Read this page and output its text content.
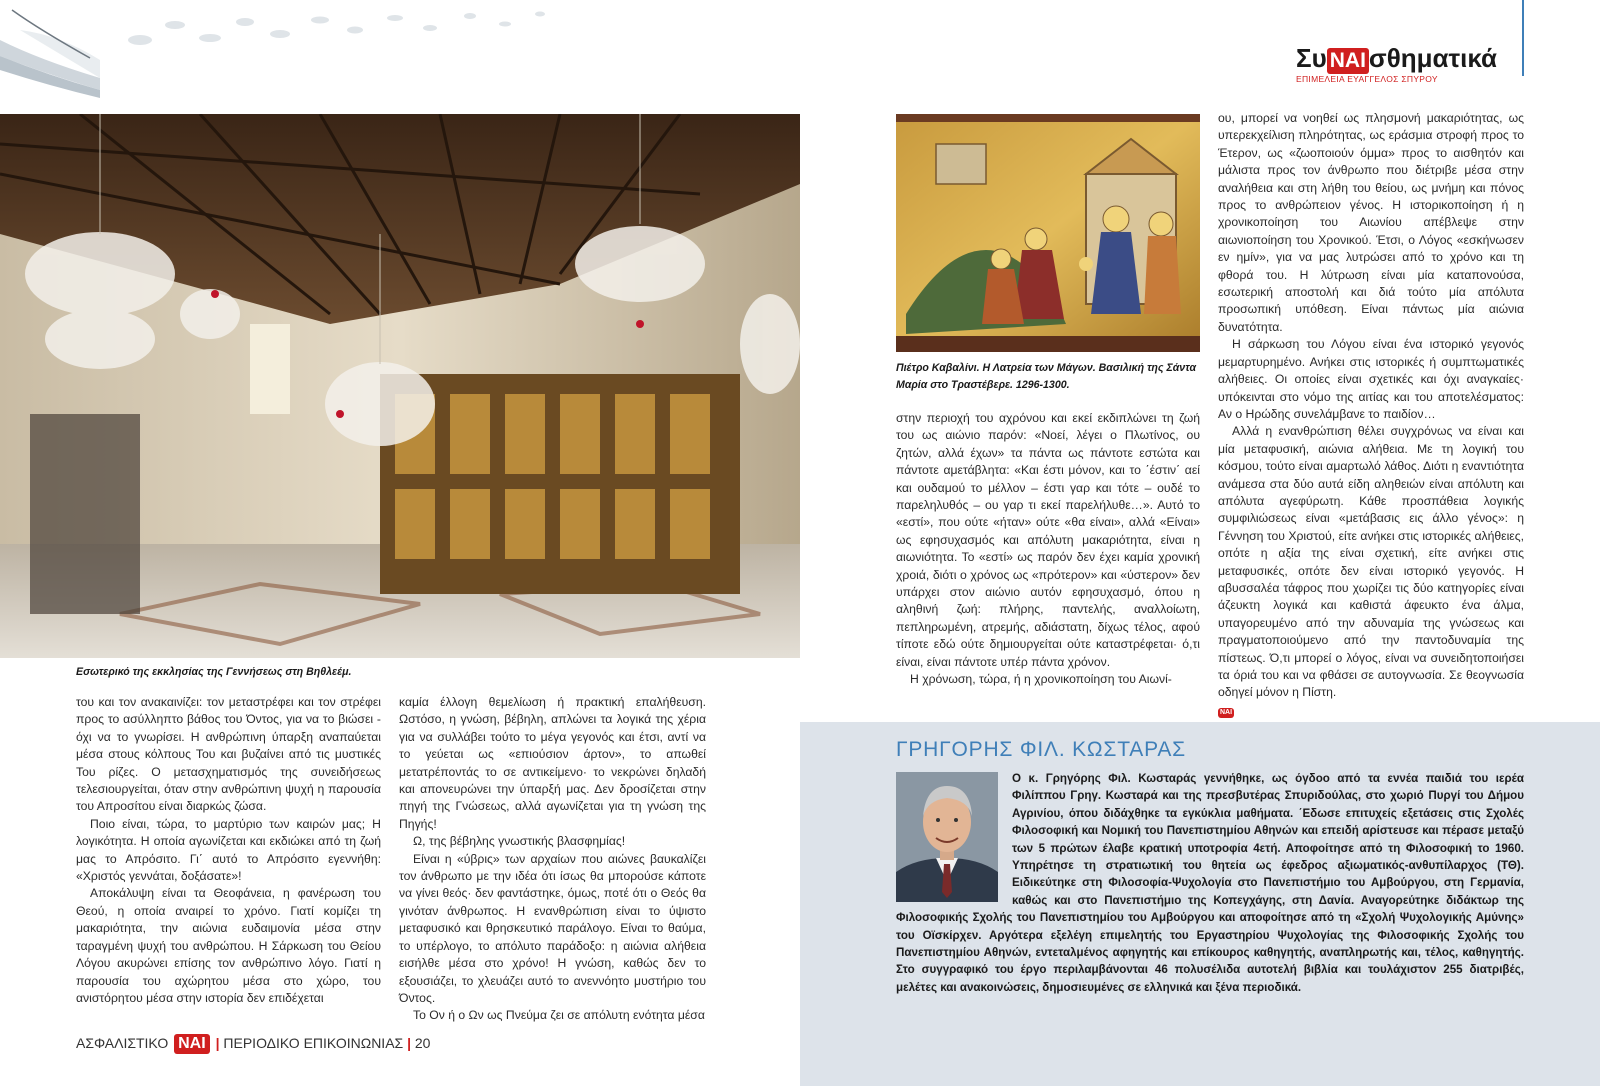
Συ ΝΑΙ σθηματικά
ΕΠΙΜΕΛΕΙΑ ΕΥΑΓΓΕΛΟΣ ΣΠΥΡΟΥ
Εσωτερικό της εκκλησίας της Γεννήσεως στη Βηθλεέμ.

του και τον ανακαινίζει: τον μεταστρέφει και τον στρέφει προς το ασύλληπτο βάθος του Όντος, για να το βιώσει - όχι να το γνωρίσει. Η ανθρώπινη ύπαρξη αναπαύεται μέσα στους κόλπους Του και βυζαίνει από τις μυστικές Του ρίζες. Ο μετασχηματισμός της συνειδήσεως τελεσιουργείται, όταν στην ανθρώπινη ψυχή η παρουσία του Απροσίτου είναι διαρκώς ζώσα.

Ποιο είναι, τώρα, το μαρτύριο των καιρών μας; Η λογικότητα. Η οποία αγωνίζεται και εκδιώκει από τη ζωή μας το Απρόσιτο. Γι΄ αυτό το Απρόσιτο εγεννήθη: «Χριστός γεννάται, δοξάσατε»!

Αποκάλυψη είναι τα Θεοφάνεια, η φανέρωση του Θεού, η οποία αναιρεί το χρόνο. Γιατί κομίζει τη μακαριότητα, την αιώνια ευδαιμονία μέσα στην ταραγμένη ψυχή του ανθρώπου. Η Σάρκωση του Θείου Λόγου ακυρώνει επίσης τον ανθρώπινο λόγο. Γιατί η παρουσία του αχώρητου μέσα στο χώρο, του ανιστόρητου μέσα στην ιστορία δεν επιδέχεται

καμία έλλογη θεμελίωση ή πρακτική επαλήθευση. Ωστόσο, η γνώση, βέβηλη, απλώνει τα λογικά της χέρια για να συλλάβει τούτο το μέγα γεγονός και έτσι, αντί να το γεύεται ως «επιούσιον άρτον», το απωθεί μετατρέποντάς το σε αντικείμενο· το νεκρώνει δηλαδή και απονευρώνει την ύπαρξή μας. Δεν δροσίζεται στην πηγή της Γνώσεως, αλλά αγωνίζεται για τη γνώση της Πηγής!

Ω, της βέβηλης γνωστικής βλασφημίας!

Είναι η «ύβρις» των αρχαίων που αιώνες βαυκαλίζει τον άνθρωπο με την ιδέα ότι ίσως θα μπορούσε κάποτε να γίνει θεός· δεν φαντάστηκε, όμως, ποτέ ότι ο Θεός θα γινόταν άνθρωπος. Η ενανθρώπιση είναι το ύψιστο μεταφυσικό και θρησκευτικό παράλογο. Είναι το θαύμα, το υπέρλογο, το απόλυτο παράδοξο: η αιώνια αλήθεια εισήλθε μέσα στο χρόνο! Η γνώση, καθώς δεν το εξουσιάζει, το χλευάζει αυτό το ανεννόητο μυστήριο του Όντος.

Το Ον ή ο Ων ως Πνεύμα ζει σε απόλυτη ενότητα μέσα

ΑΣΦΑΛΙΣΤΙΚΟ ΝΑΙ | ΠΕΡΙΟΔΙΚΟ ΕΠΙΚΟΙΝΩΝΙΑΣ | 20
Πιέτρο Καβαλίνι. Η Λατρεία των Μάγων. Βασιλική της Σάντα Μαρία στο Τραστέβερε. 1296-1300.

στην περιοχή του αχρόνου και εκεί εκδιπλώνει τη ζωή του ως αιώνιο παρόν: «Νοεί, λέγει ο Πλωτίνος, ου ζητών, αλλά έχων» τα πάντα ως πάντοτε εστώτα και πάντοτε αμετάβλητα: «Και έστι μόνον, και το ΄έστιν΄ αεί και ουδαμού το μέλλον – έστι γαρ και τότε – ουδέ το παρεληλυθός – ου γαρ τι εκεί παρελήλυθε…». Αυτό το «εστί», που ούτε «ήταν» ούτε «θα είναι», αλλά «Είναι» ως εφησυχασμός και απόλυτη μακαριότητα, είναι η αιωνιότητα. Το «εστί» ως παρόν δεν έχει καμία χρονική χροιά, διότι ο χρόνος ως «πρότερον» και «ύστερον» δεν υπάρχει στον αιώνιο αυτόν εφησυχασμό, όπου η αληθινή ζωή: πλήρης, παντελής, αναλλοίωτη, πεπληρωμένη, ατρεμής, αδιάστατη, δίχως τέλος, αφού τίποτε εδώ ούτε δημιουργείται ούτε καταστρέφεται· ό,τι είναι, είναι πάντοτε υπέρ πάντα χρόνον.

Η χρόνωση, τώρα, ή η χρονικοποίηση του Αιωνί-

ου, μπορεί να νοηθεί ως πλησμονή μακαριότητας, ως υπερεκχείλιση πληρότητας, ως εράσμια στροφή προς το Έτερον, ως «ζωοποιούν όμμα» προς το αισθητόν και μάλιστα προς τον άνθρωπο που διέτριβε μέσα στην αναλήθεια και στη λήθη του θείου, ως μνήμη και πόνος προς το ανθρώπειον γένος. Η ιστορικοποίηση ή η χρονικοποίηση του Αιωνίου απέβλεψε στην αιωνιοποίηση του Χρονικού. Έτσι, ο Λόγος «εσκήνωσεν εν ημίν», για να μας λυτρώσει από το χρόνο και τη φθορά του. Η λύτρωση είναι μία καταπονούσα, εσωτερική αποστολή και διά τούτο μία απόλυτα προσωπική υπόθεση. Είναι πάντως μία αιώνια δυνατότητα.

Η σάρκωση του Λόγου είναι ένα ιστορικό γεγονός μεμαρτυρημένο. Ανήκει στις ιστορικές ή συμπτωματικές αλήθειες. Οι οποίες είναι σχετικές και όχι αναγκαίες· υπόκεινται στο νόμο της αιτίας και του αποτελέσματος: Αν ο Ηρώδης συνελάμβανε το παιδίον…

Αλλά η ενανθρώπιση θέλει συγχρόνως να είναι και μία μεταφυσική, αιώνια αλήθεια. Με τη λογική του κόσμου, τούτο είναι αμαρτωλό λάθος. Διότι η εναντιότητα ανάμεσα στα δύο αυτά είδη αληθειών είναι απόλυτη και απόλυτα αγεφύρωτη. Κάθε προσπάθεια λογικής συμφιλιώσεως είναι «μετάβασις εις άλλο γένος»: η Γέννηση του Χριστού, είτε ανήκει στις ιστορικές αλήθειες, οπότε η αξία της είναι σχετική, είτε ανήκει στις μεταφυσικές, οπότε δεν είναι ιστορικό γεγονός. Η αβυσσαλέα τάφρος που χωρίζει τις δύο κατηγορίες είναι άζευκτη λογικά και καθιστά άφευκτο ένα άλμα, υπαγορευμένο από την αδυναμία της γνώσεως και πραγματοποιούμενο από την παντοδυναμία της πίστεως. Ό,τι μπορεί ο λόγος, είναι να συνειδητοποιήσει τα όριά του και να φθάσει σε αυτογνωσία. Σε θεογνωσία οδηγεί μόνον η Πίστη.

ΝΑΙ
ΓΡΗΓΟΡΗΣ ΦΙΛ. ΚΩΣΤΑΡΑΣ
Ο κ. Γρηγόρης Φιλ. Κωσταράς γεννήθηκε, ως όγδοο από τα εννέα παιδιά του ιερέα Φιλίππου Γρηγ. Κωσταρά και της πρεσβυτέρας Σπυριδούλας, στο χωριό Πυργί του Δήμου Αγρινίου, όπου διδάχθηκε τα εγκύκλια μαθήματα. ΄Εδωσε επιτυχείς εξετάσεις στις Σχολές Φιλοσοφική και Νομική του Πανεπιστημίου Αθηνών και επειδή αρίστευσε και πέρασε μεταξύ των 5 πρώτων έλαβε κρατική υποτροφία 4ετή. Αποφοίτησε από τη Φιλοσοφική το 1960. Υπηρέτησε τη στρατιωτική του θητεία ως έφεδρος αξιωματικός-ανθυπίλαρχος (ΤΘ). Ειδικεύτηκε στη Φιλοσοφία-Ψυχολογία στο Πανεπιστήμιο του Αμβούργου, στη Γερμανία, καθώς και στο Πανεπιστήμιο της Κοπεγχάγης, στη Δανία. Αναγορεύτηκε διδάκτωρ της Φιλοσοφικής Σχολής του Πανεπιστημίου του Αμβούργου και αποφοίτησε από τη «Σχολή Ψυχολογικής Αμύνης» του Οϊσκίρχεν. Αργότερα εξελέγη επιμελητής του Εργαστηρίου Ψυχολογίας της Φιλοσοφικής Σχολής του Πανεπιστημίου Αθηνών, εντεταλμένος αφηγητής και επίκουρος καθηγητής, αναπληρωτής και, τέλος, καθηγητής. Στο συγγραφικό του έργο περιλαμβάνονται 46 πολυσέλιδα αυτοτελή βιβλία και τουλάχιστον 255 διατριβές, μελέτες και ανακοινώσεις, δημοσιευμένες σε ελληνικά και ξένα περιοδικά.
